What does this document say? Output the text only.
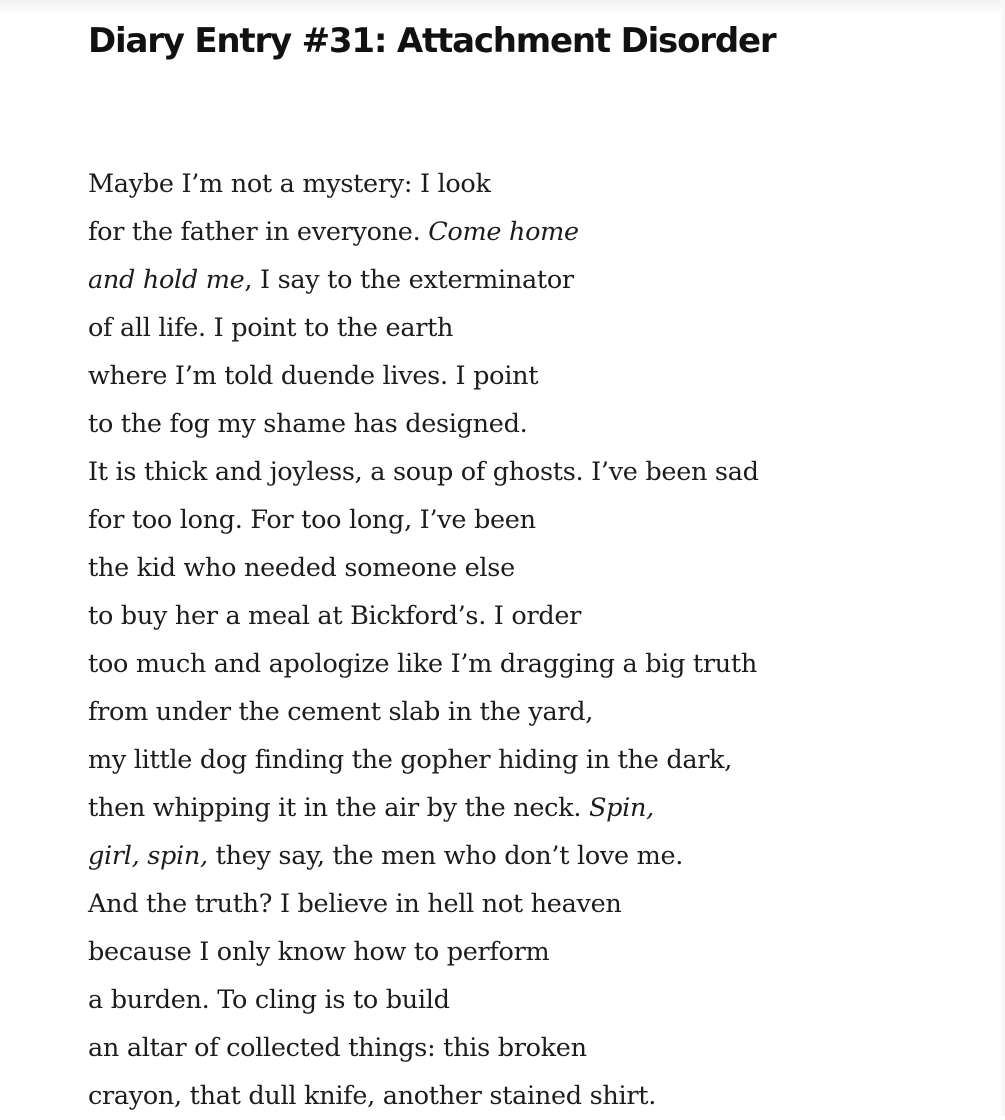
Diary Entry #31: Attachment Disorder
Maybe I’m not a mystery: I look
for the father in everyone. Come home
and hold me, I say to the exterminator
of all life. I point to the earth
where I’m told duende lives. I point
to the fog my shame has designed.
It is thick and joyless, a soup of ghosts. I’ve been sad
for too long. For too long, I’ve been
the kid who needed someone else
to buy her a meal at Bickford’s. I order
too much and apologize like I’m dragging a big truth
from under the cement slab in the yard,
my little dog finding the gopher hiding in the dark,
then whipping it in the air by the neck. Spin,
girl, spin, they say, the men who don’t love me.
And the truth? I believe in hell not heaven
because I only know how to perform
a burden. To cling is to build
an altar of collected things: this broken
crayon, that dull knife, another stained shirt.
